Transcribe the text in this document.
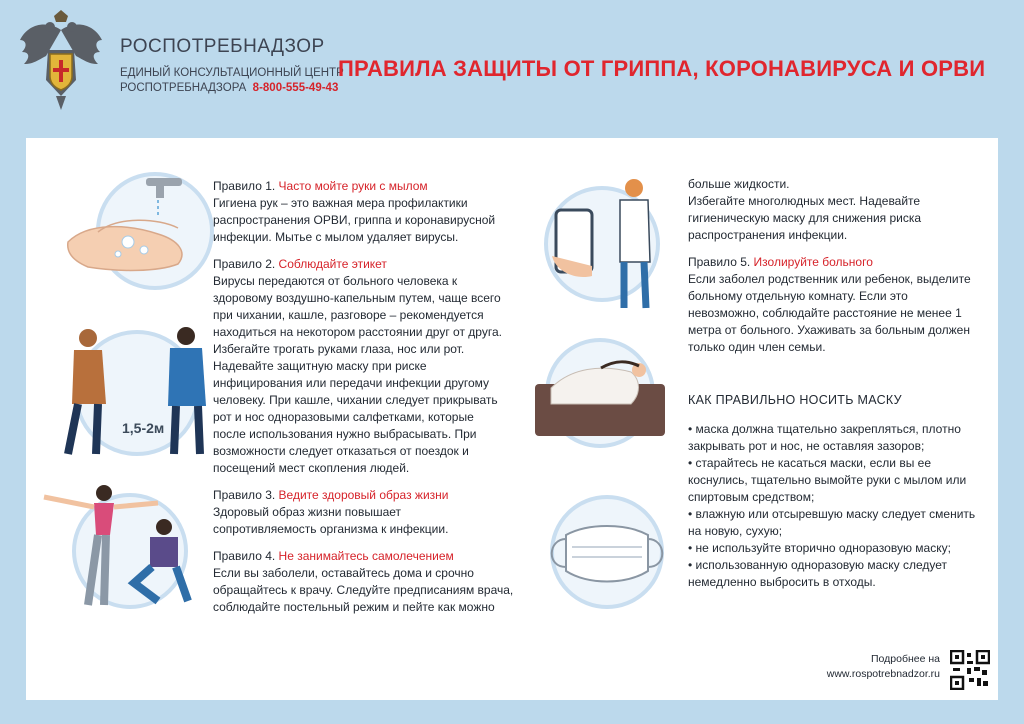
РОСПОТРЕБНАДЗОР
ЕДИНЫЙ КОНСУЛЬТАЦИОННЫЙ ЦЕНТР
РОСПОТРЕБНАДЗОРА 8-800-555-49-43
ПРАВИЛА ЗАЩИТЫ ОТ ГРИППА, КОРОНАВИРУСА И ОРВИ
1,5-2м
Правило 1. Часто мойте руки с мылом
Гигиена рук – это важная мера профилактики
распространения ОРВИ, гриппа и коронавирусной
инфекции. Мытье с мылом удаляет вирусы.
Правило 2. Соблюдайте этикет
Вирусы передаются от больного человека к
здоровому воздушно-капельным путем, чаще всего
при чихании, кашле, разговоре – рекомендуется
находиться на некотором расстоянии друг от друга.
Избегайте трогать руками глаза, нос или рот.
Надевайте защитную маску при риске
инфицирования или передачи инфекции другому
человеку. При кашле, чихании следует прикрывать
рот и нос одноразовыми салфетками, которые
после использования нужно выбрасывать. При
возможности следует отказаться от поездок и
посещений мест скопления людей.
Правило 3. Ведите здоровый образ жизни
Здоровый образ жизни повышает
сопротивляемость организма к инфекции.
Правило 4. Не занимайтесь самолечением
Если вы заболели, оставайтесь дома и срочно
обращайтесь к врачу. Следуйте предписаниям врача,
соблюдайте постельный режим и пейте как можно
больше жидкости.
Избегайте многолюдных мест. Надевайте
гигиеническую маску для снижения риска
распространения инфекции.
Правило 5. Изолируйте больного
Если заболел родственник или ребенок, выделите
больному отдельную комнату. Если это
невозможно, соблюдайте расстояние не менее 1
метра от больного. Ухаживать за больным должен
только один член семьи.
КАК ПРАВИЛЬНО НОСИТЬ МАСКУ
• маска должна тщательно закрепляться, плотно
закрывать рот и нос, не оставляя зазоров;
• старайтесь не касаться маски, если вы ее
коснулись, тщательно вымойте руки с мылом или
спиртовым средством;
• влажную или отсыревшую маску следует сменить
на новую, сухую;
• не используйте вторично одноразовую маску;
• использованную одноразовую маску следует
немедленно выбросить в отходы.
Подробнее на
www.rospotrebnadzor.ru
